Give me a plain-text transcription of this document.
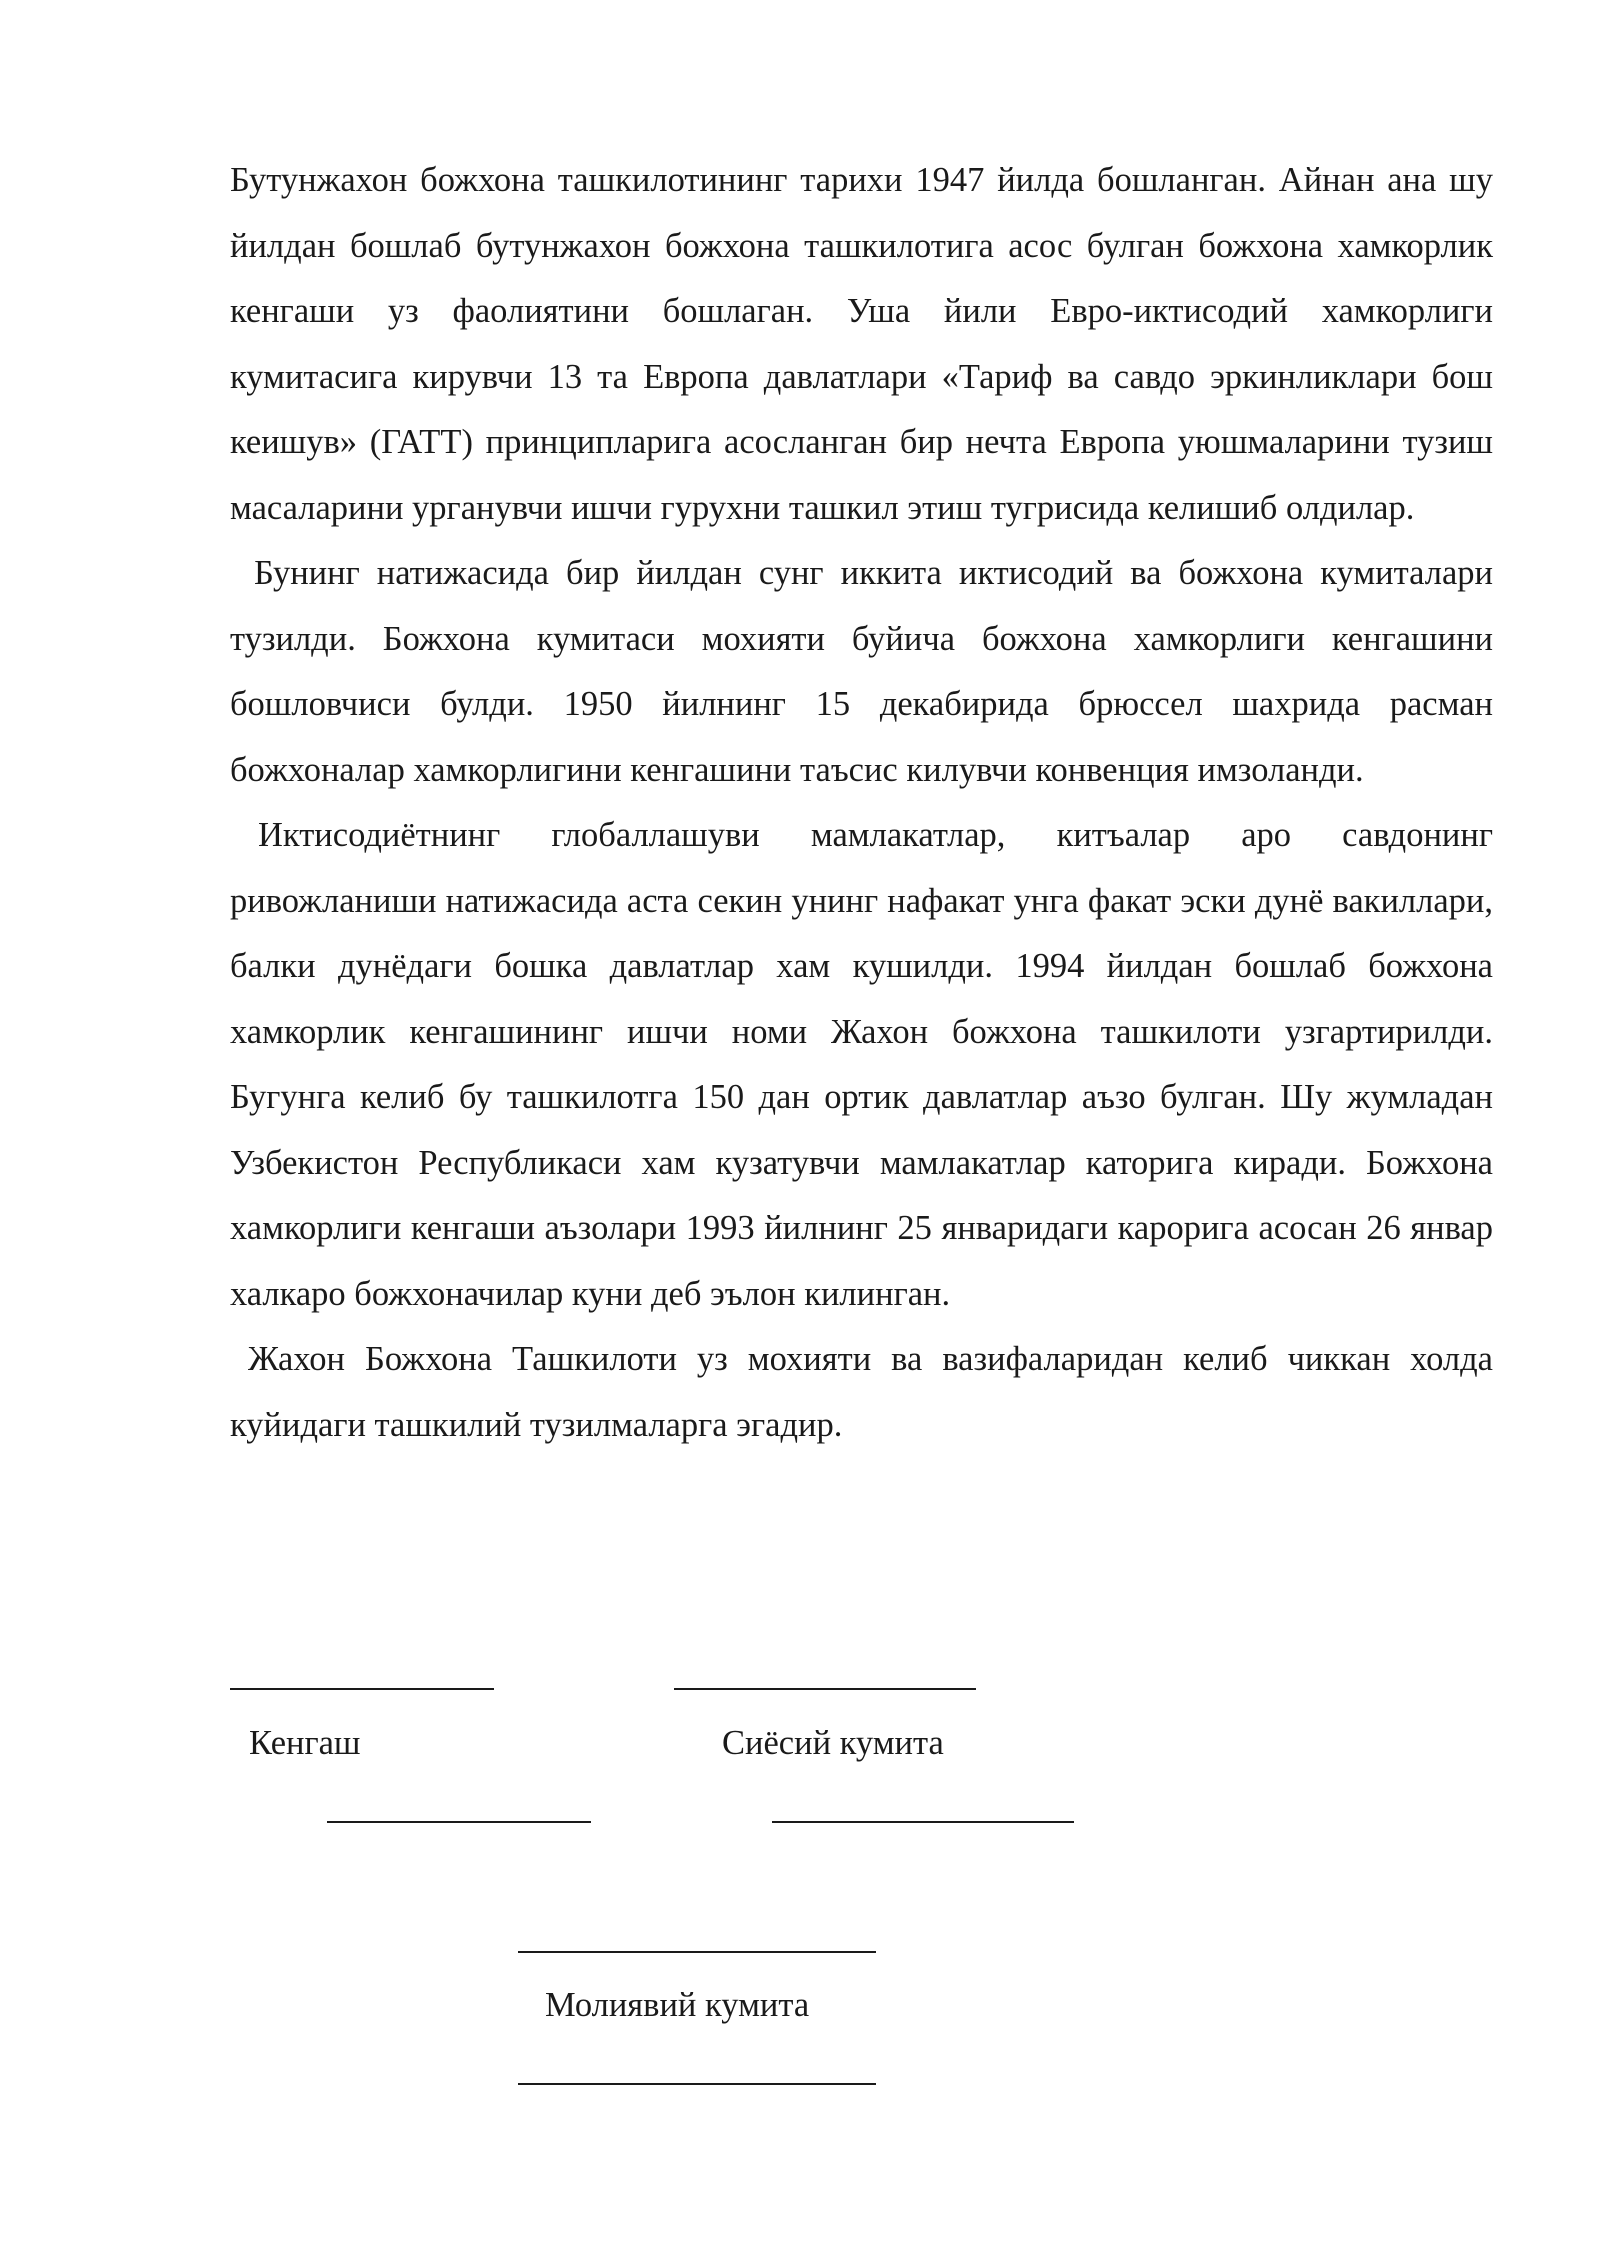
Бутунжахон божхона ташкилотининг тарихи 1947 йилда бошланган. Айнан ана шу йилдан бошлаб бутунжахон божхона ташкилотига асос булган божхона хамкорлик кенгаши уз фаолиятини бошлаган. Уша йили Евро-иктисодий хамкорлиги кумитасига кирувчи 13 та Европа давлатлари «Тариф ва савдо эркинликлари бош кеишув» (ГАТТ) принципларига асосланган бир нечта Европа уюшмаларини тузиш масаларини урганувчи ишчи гурухни ташкил этиш тугрисида келишиб олдилар.

Бунинг натижасида бир йилдан сунг иккита иктисодий ва божхона кумиталари тузилди. Божхона кумитаси мохияти буйича божхона хамкорлиги кенгашини бошловчиси булди. 1950 йилнинг 15 декабирида брюссел шахрида расман божхоналар хамкорлигини кенгашини таъсис килувчи конвенция имзоланди.

Иктисодиётнинг глобаллашуви мамлакатлар, китъалар аро савдонинг ривожланиши натижасида аста секин унинг нафакат унга факат эски дунё вакиллари, балки дунёдаги бошка давлатлар хам кушилди. 1994 йилдан бошлаб божхона хамкорлик кенгашининг ишчи номи Жахон божхона ташкилоти узгартирилди. Бугунга келиб бу ташкилотга 150 дан ортик давлатлар аъзо булган. Шу жумладан Узбекистон Республикаси хам кузатувчи мамлакатлар каторига киради. Божхона хамкорлиги кенгаши аъзолари 1993 йилнинг 25 январидаги карорига асосан 26 январ халкаро божхоначилар куни деб эълон килинган.

Жахон Божхона Ташкилоти уз мохияти ва вазифаларидан келиб чиккан холда куйидаги ташкилий тузилмаларга эгадир.

Кенгаш	Сиёсий кумита
Молиявий кумита
